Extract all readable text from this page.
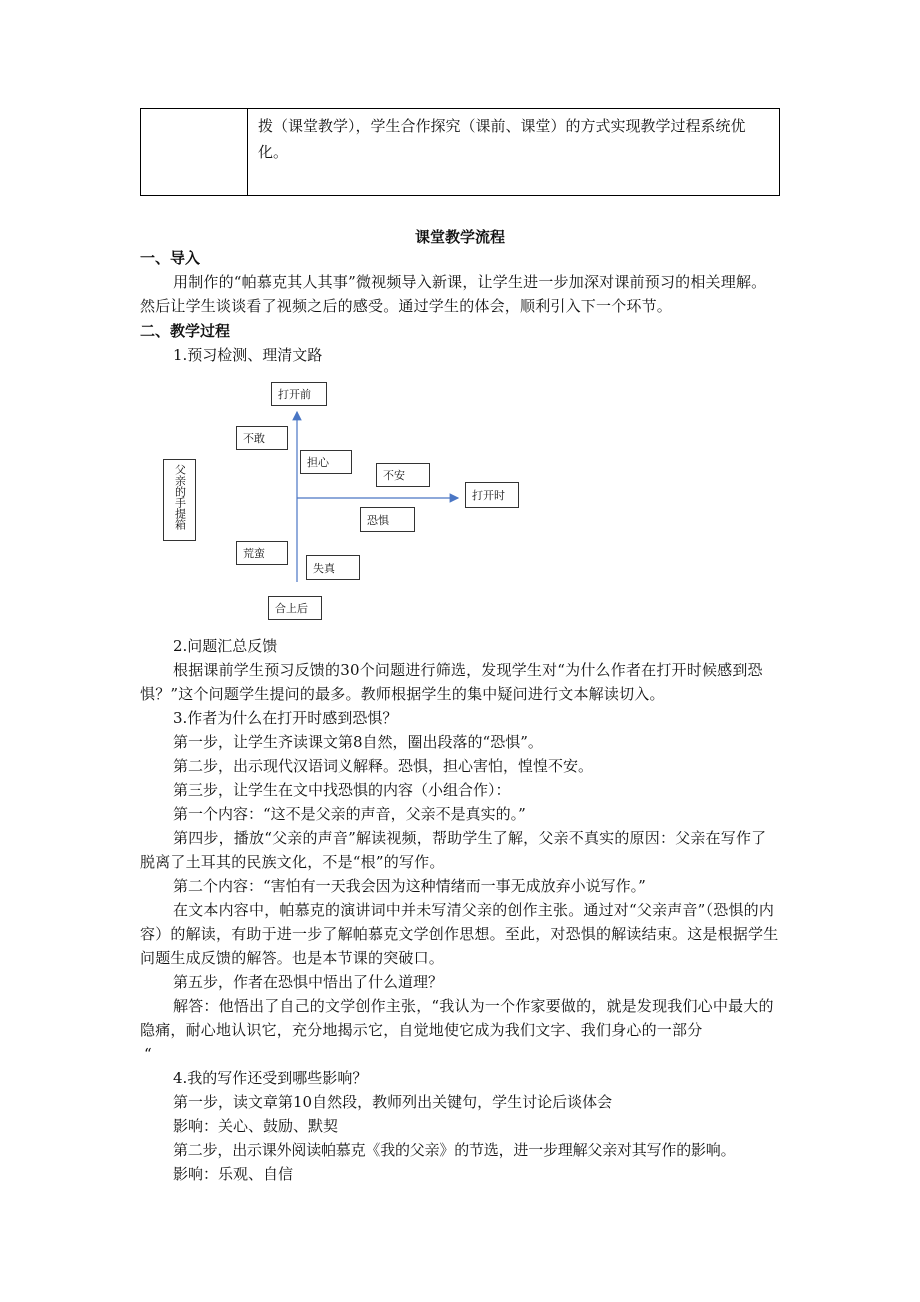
拨（课堂教学），学生合作探究（课前、课堂）的方式实现教学过程系统优化。
课堂教学流程
一、导入
用制作的“帕慕克其人其事”微视频导入新课，让学生进一步加深对课前预习的相关理解。然后让学生谈谈看了视频之后的感受。通过学生的体会，顺利引入下一个环节。
二、教学过程
1.预习检测、理清文路
父亲的手提箱
打开前
不敢
担心
不安
打开时
恐惧
荒蛮
失真
合上后
2.问题汇总反馈
根据课前学生预习反馈的30个问题进行筛选，发现学生对“为什么作者在打开时候感到恐惧？”这个问题学生提问的最多。教师根据学生的集中疑问进行文本解读切入。
3.作者为什么在打开时感到恐惧？
第一步，让学生齐读课文第8自然，圈出段落的“恐惧”。
第二步，出示现代汉语词义解释。恐惧，担心害怕，惶惶不安。
第三步，让学生在文中找恐惧的内容（小组合作）：
第一个内容：“这不是父亲的声音，父亲不是真实的。”
第四步，播放“父亲的声音”解读视频，帮助学生了解，父亲不真实的原因：父亲在写作了脱离了土耳其的民族文化，不是“根”的写作。
第二个内容：“害怕有一天我会因为这种情绪而一事无成放弃小说写作。”
在文本内容中，帕慕克的演讲词中并未写清父亲的创作主张。通过对“父亲声音”（恐惧的内容）的解读，有助于进一步了解帕慕克文学创作思想。至此，对恐惧的解读结束。这是根据学生问题生成反馈的解答。也是本节课的突破口。
第五步，作者在恐惧中悟出了什么道理？
解答：他悟出了自己的文学创作主张，“我认为一个作家要做的，就是发现我们心中最大的隐痛，耐心地认识它，充分地揭示它，自觉地使它成为我们文字、我们身心的一部分
“
4.我的写作还受到哪些影响？
第一步，读文章第10自然段，教师列出关键句，学生讨论后谈体会
影响：关心、鼓励、默契
第二步，出示课外阅读帕慕克《我的父亲》的节选，进一步理解父亲对其写作的影响。
影响：乐观、自信
